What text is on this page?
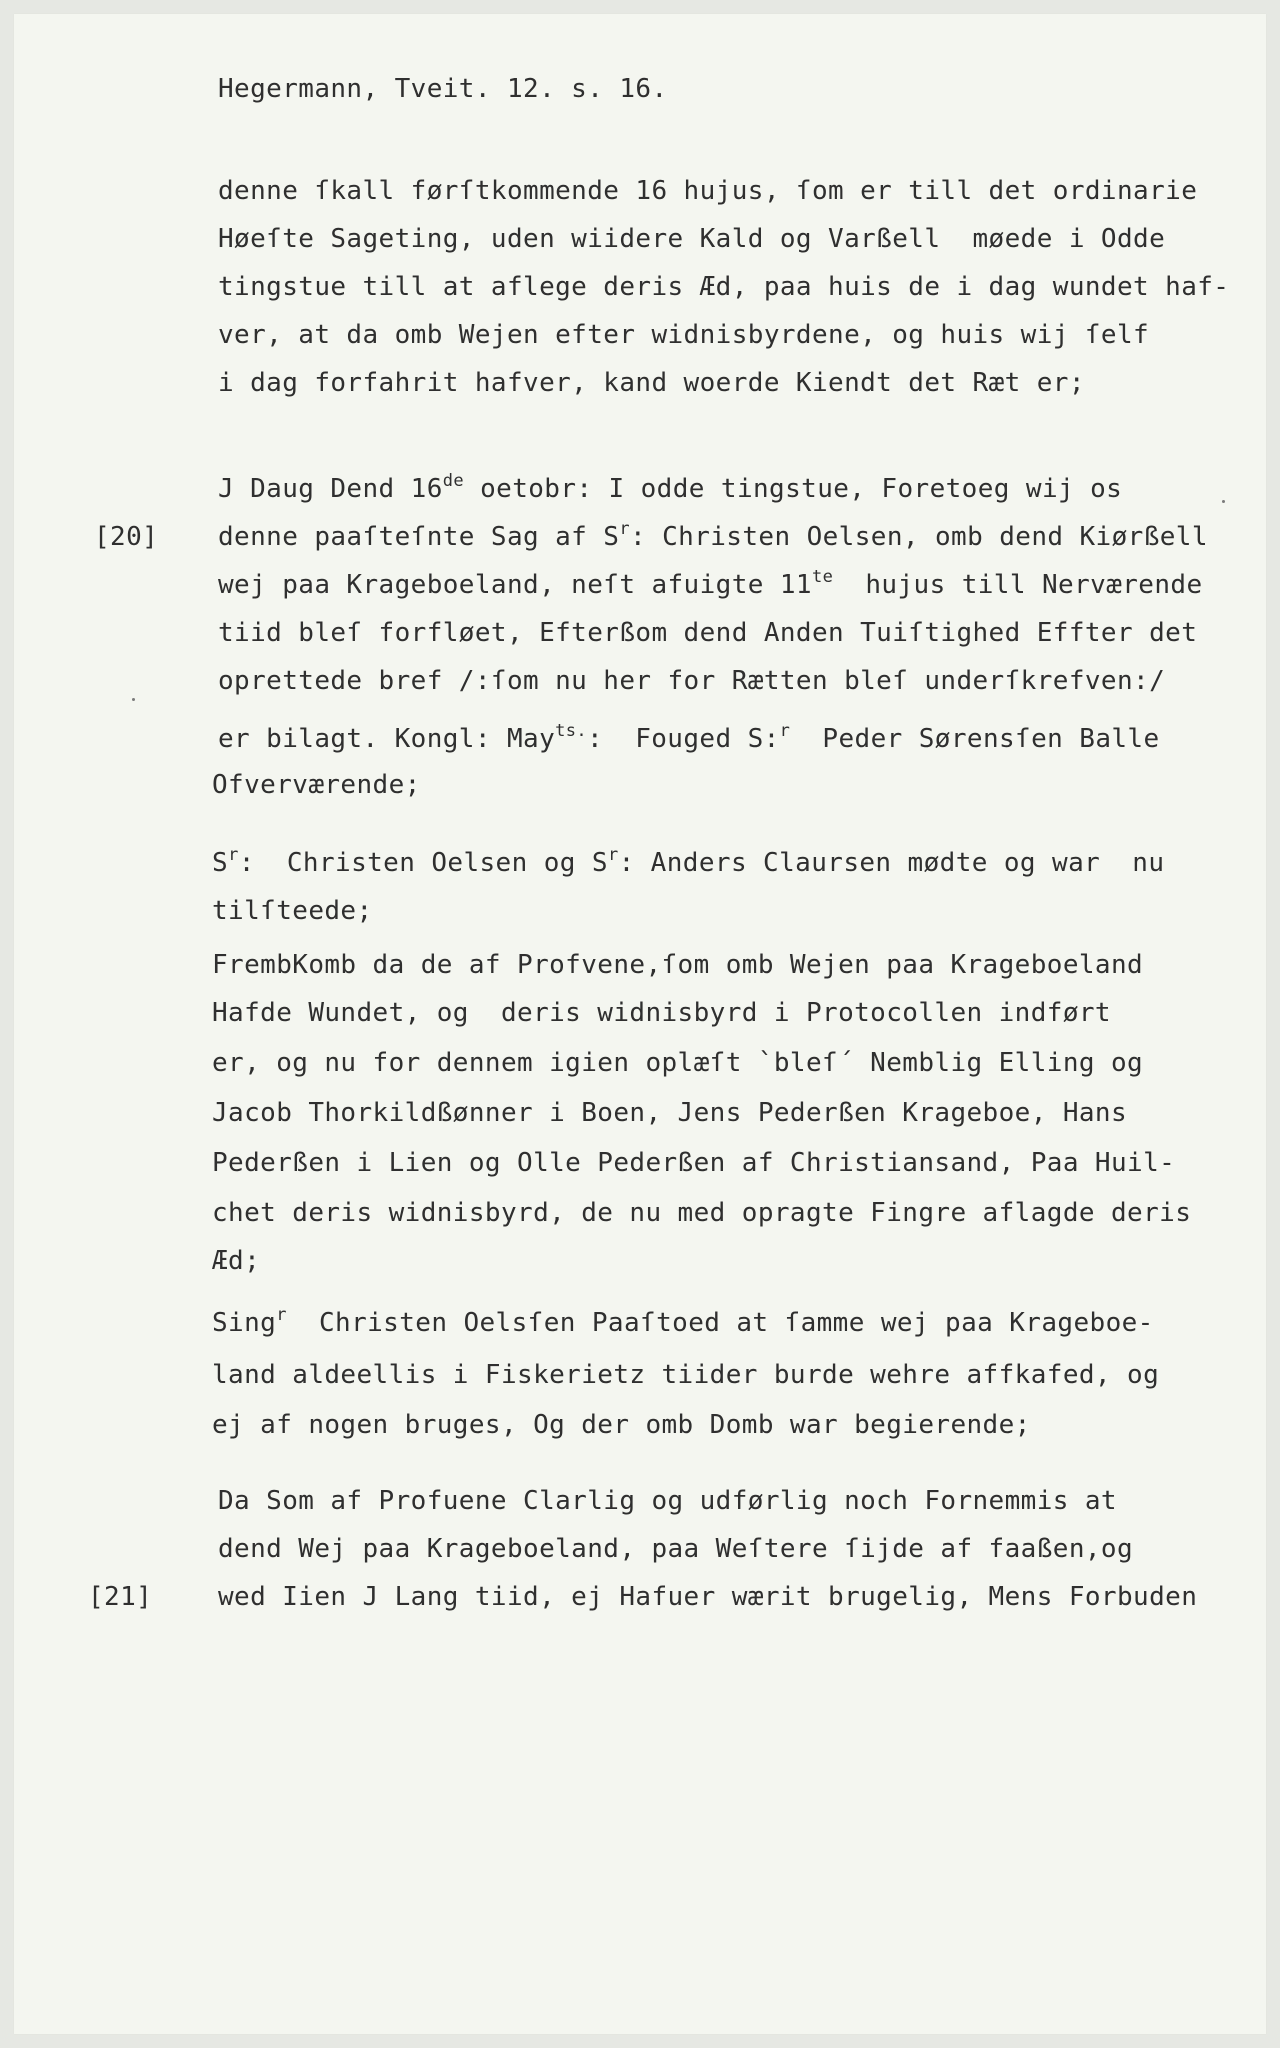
Hegermann, Tveit. 12. s. 16.
denne ſkall førſtkommende 16 hujus, ſom er till det ordinarie
Høeſte Sageting, uden wiidere Kald og Varßell  møede i Odde
tingstue till at aflege deris Æd, paa huis de i dag wundet haf-
ver, at da omb Wejen efter widnisbyrdene, og huis wij ſelf
i dag forfahrit hafver, kand woerde Kiendt det Ræt er;
J Daug Dend 16de oetobr: I odde tingstue, Foretoeg wij os
[20] denne paaſteſnte Sag af $S^r$: Christen Oelsen, omb dend Kiørßell
wej paa Krageboeland, neſt afuigte $11^{te}$  hujus till Nerværende
tiid bleſ forfløet, Efterßom dend Anden Tuiſtighed Effter det
oprettede bref /:ſom nu her for Rætten bleſ underſkrefven:/
er bilagt. Kongl: May$^{ts.}$:  Fouged S:$^r$  Peder Sørensſen Balle
Ofverværende;
$S^r$:  Christen Oelsen og $S^r$: Anders Claursen mødte og war  nu
tilſteede;
FrembKomb da de af Profvene,ſom omb Wejen paa Krageboeland
Hafde Wundet, og  deris widnisbyrd i Protocollen indført
er, og nu for dennem igien oplæſt `bleſ´ Nemblig Elling og
Jacob Thorkildßønner i Boen, Jens Pederßen Krageboe, Hans
Pederßen i Lien og Olle Pederßen af Christiansand, Paa Huil-
chet deris widnisbyrd, de nu med opragte Fingre aflagde deris
Æd;
Sing$^r$  Christen Oelsſen Paaſtoed at ſamme wej paa Krageboe-
land aldeellis i Fiskerietz tiider burde wehre affkafed, og
ej af nogen bruges, Og der omb Domb war begierende;
Da Som af Profuene Clarlig og udførlig noch Fornemmis at
dend Wej paa Krageboeland, paa Weſtere ſijde af faaßen,og
[21]	wed Iien J Lang tiid, ej Hafuer wærit brugelig, Mens Forbuden
